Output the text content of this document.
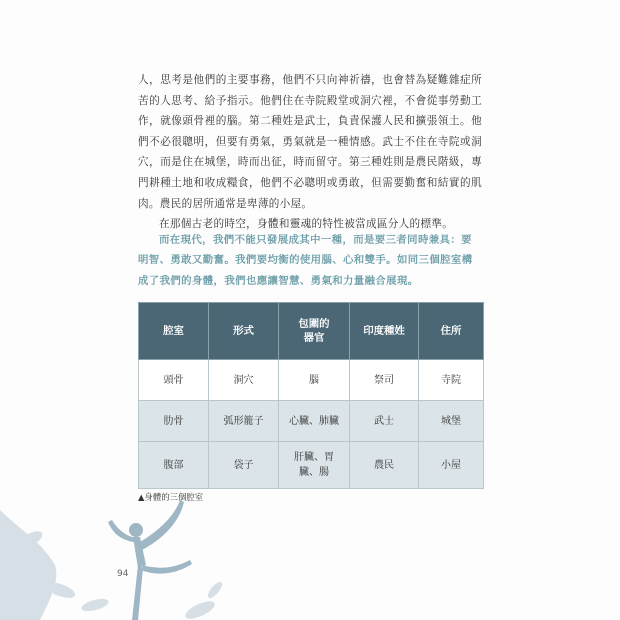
人，思考是他們的主要事務，他們不只向神祈禱，也會替為疑難雜症所苦的人思考、給予指示。他們住在寺院殿堂或洞穴裡，不會從事勞動工作，就像頭骨裡的腦。第二種姓是武士，負責保護人民和擴張領土。他們不必很聰明，但要有勇氣，勇氣就是一種情感。武士不住在寺院或洞穴，而是住在城堡，時而出征，時而留守。第三種姓則是農民階級，專門耕種土地和收成糧食，他們不必聰明或勇敢，但需要勤奮和結實的肌肉。農民的居所通常是卑薄的小屋。

在那個古老的時空，身體和靈魂的特性被當成區分人的標準。

而在現代，我們不能只發展成其中一種，而是要三者同時兼具：要明智、勇敢又勤奮。我們要均衡的使用腦、心和雙手。如同三個腔室構成了我們的身體，我們也應讓智慧、勇氣和力量融合展現。

腔室	形式	包圍的器官	印度種姓	住所
頭骨	洞穴	腦	祭司	寺院
肋骨	弧形籠子	心臟、肺臟	武士	城堡
腹部	袋子	肝臟、胃臟、腸	農民	小屋
▲身體的三個腔室
94
